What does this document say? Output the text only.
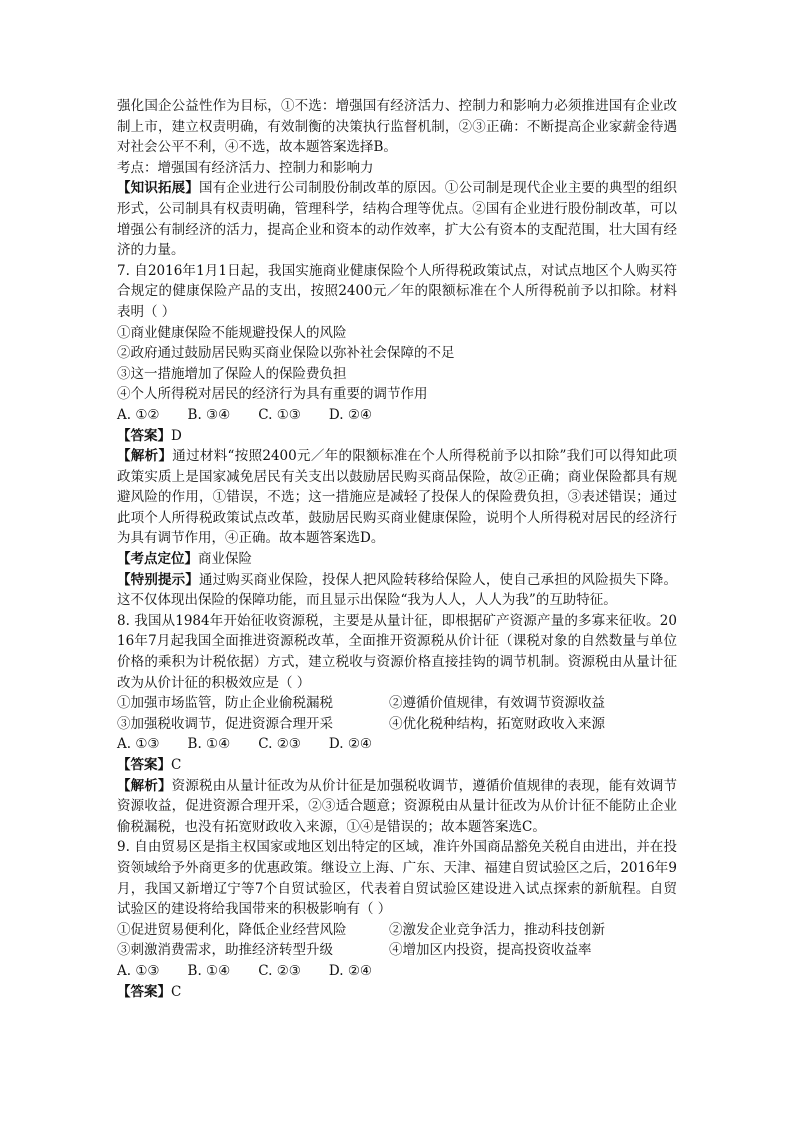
强化国企公益性作为目标，①不选：增强国有经济活力、控制力和影响力必须推进国有企业改制上市，建立权责明确，有效制衡的决策执行监督机制，②③正确：不断提高企业家薪金待遇对社会公平不利，④不选，故本题答案选择B。

考点：增强国有经济活力、控制力和影响力

【知识拓展】国有企业进行公司制股份制改革的原因。①公司制是现代企业主要的典型的组织形式，公司制具有权责明确，管理科学，结构合理等优点。②国有企业进行股份制改革，可以增强公有制经济的活力，提高企业和资本的动作效率，扩大公有资本的支配范围，壮大国有经济的力量。

7. 自2016年1月1日起，我国实施商业健康保险个人所得税政策试点，对试点地区个人购买符合规定的健康保险产品的支出，按照2400元／年的限额标准在个人所得税前予以扣除。材料表明（ ）

①商业健康保险不能规避投保人的风险

②政府通过鼓励居民购买商业保险以弥补社会保障的不足

③这一措施增加了保险人的保险费负担

④个人所得税对居民的经济行为具有重要的调节作用

A. ①② B. ③④ C. ①③ D. ②④

【答案】D

【解析】通过材料“按照2400元／年的限额标准在个人所得税前予以扣除”我们可以得知此项政策实质上是国家减免居民有关支出以鼓励居民购买商品保险，故②正确；商业保险都具有规避风险的作用，①错误，不选；这一措施应是减轻了投保人的保险费负担，③表述错误；通过此项个人所得税政策试点改革，鼓励居民购买商业健康保险，说明个人所得税对居民的经济行为具有调节作用，④正确。故本题答案选D。

【考点定位】商业保险

【特别提示】通过购买商业保险，投保人把风险转移给保险人，使自己承担的风险损失下降。这不仅体现出保险的保障功能，而且显示出保险“我为人人，人人为我”的互助特征。

8. 我国从1984年开始征收资源税，主要是从量计征，即根据矿产资源产量的多寡来征收。2016年7月起我国全面推进资源税改革，全面推开资源税从价计征（课税对象的自然数量与单位价格的乘积为计税依据）方式，建立税收与资源价格直接挂钩的调节机制。资源税由从量计征改为从价计征的积极效应是（ ）

①加强市场监管，防止企业偷税漏税	②遵循价值规律，有效调节资源收益
③加强税收调节，促进资源合理开采	④优化税种结构，拓宽财政收入来源

A. ①③ B. ①④ C. ②③ D. ②④

【答案】C

【解析】资源税由从量计征改为从价计征是加强税收调节，遵循价值规律的表现，能有效调节资源收益，促进资源合理开采，②③适合题意；资源税由从量计征改为从价计征不能防止企业偷税漏税，也没有拓宽财政收入来源，①④是错误的；故本题答案选C。

9. 自由贸易区是指主权国家或地区划出特定的区域，准许外国商品豁免关税自由进出，并在投资领域给予外商更多的优惠政策。继设立上海、广东、天津、福建自贸试验区之后，2016年9月，我国又新增辽宁等7个自贸试验区，代表着自贸试验区建设进入试点探索的新航程。自贸试验区的建设将给我国带来的积极影响有（ ）

①促进贸易便利化，降低企业经营风险	②激发企业竞争活力，推动科技创新
③刺激消费需求，助推经济转型升级	④增加区内投资，提高投资收益率

A. ①③ B. ①④ C. ②③ D. ②④

【答案】C
